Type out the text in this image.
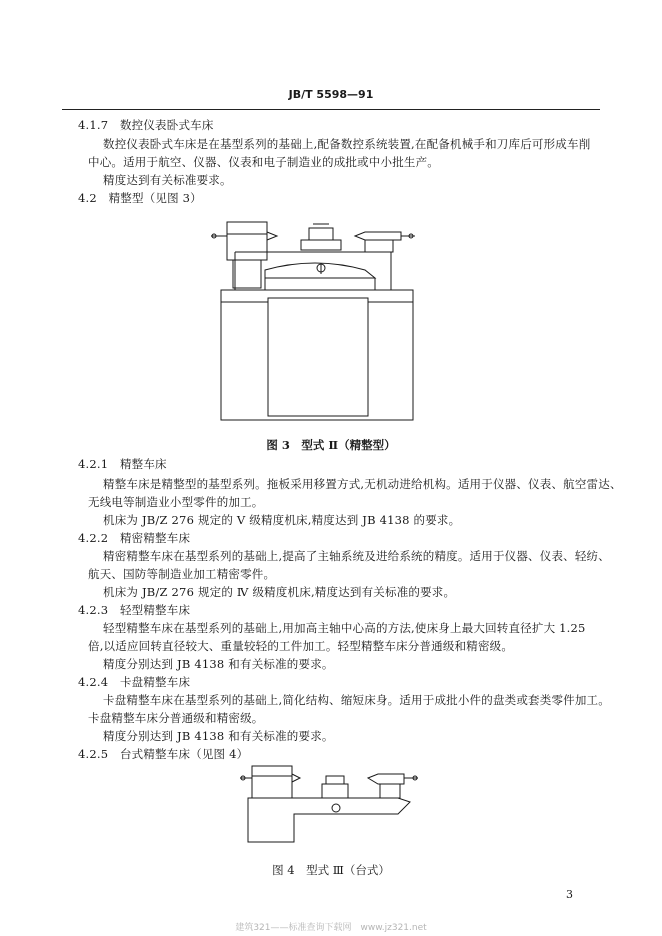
JB/T 5598—91
4.1.7　数控仪表卧式车床
数控仪表卧式车床是在基型系列的基础上,配备数控系统装置,在配备机械手和刀库后可形成车削
中心。适用于航空、仪器、仪表和电子制造业的成批或中小批生产。
精度达到有关标准要求。
4.2　精整型（见图 3）
图 3　型式 Ⅱ（精整型）
4.2.1　精整车床
精整车床是精整型的基型系列。拖板采用移置方式,无机动进给机构。适用于仪器、仪表、航空雷达、
无线电等制造业小型零件的加工。
机床为 JB/Z 276 规定的 Ⅴ 级精度机床,精度达到 JB 4138 的要求。
4.2.2　精密精整车床
精密精整车床在基型系列的基础上,提高了主轴系统及进给系统的精度。适用于仪器、仪表、轻纺、
航天、国防等制造业加工精密零件。
机床为 JB/Z 276 规定的 Ⅳ 级精度机床,精度达到有关标准的要求。
4.2.3　轻型精整车床
轻型精整车床在基型系列的基础上,用加高主轴中心高的方法,使床身上最大回转直径扩大 1.25
倍,以适应回转直径较大、重量较轻的工件加工。轻型精整车床分普通级和精密级。
精度分别达到 JB 4138 和有关标准的要求。
4.2.4　卡盘精整车床
卡盘精整车床在基型系列的基础上,简化结构、缩短床身。适用于成批小件的盘类或套类零件加工。
卡盘精整车床分普通级和精密级。
精度分别达到 JB 4138 和有关标准的要求。
4.2.5　台式精整车床（见图 4）
图 4　型式 Ⅲ（台式）
3
建筑321——标准查询下载网　www.jz321.net
